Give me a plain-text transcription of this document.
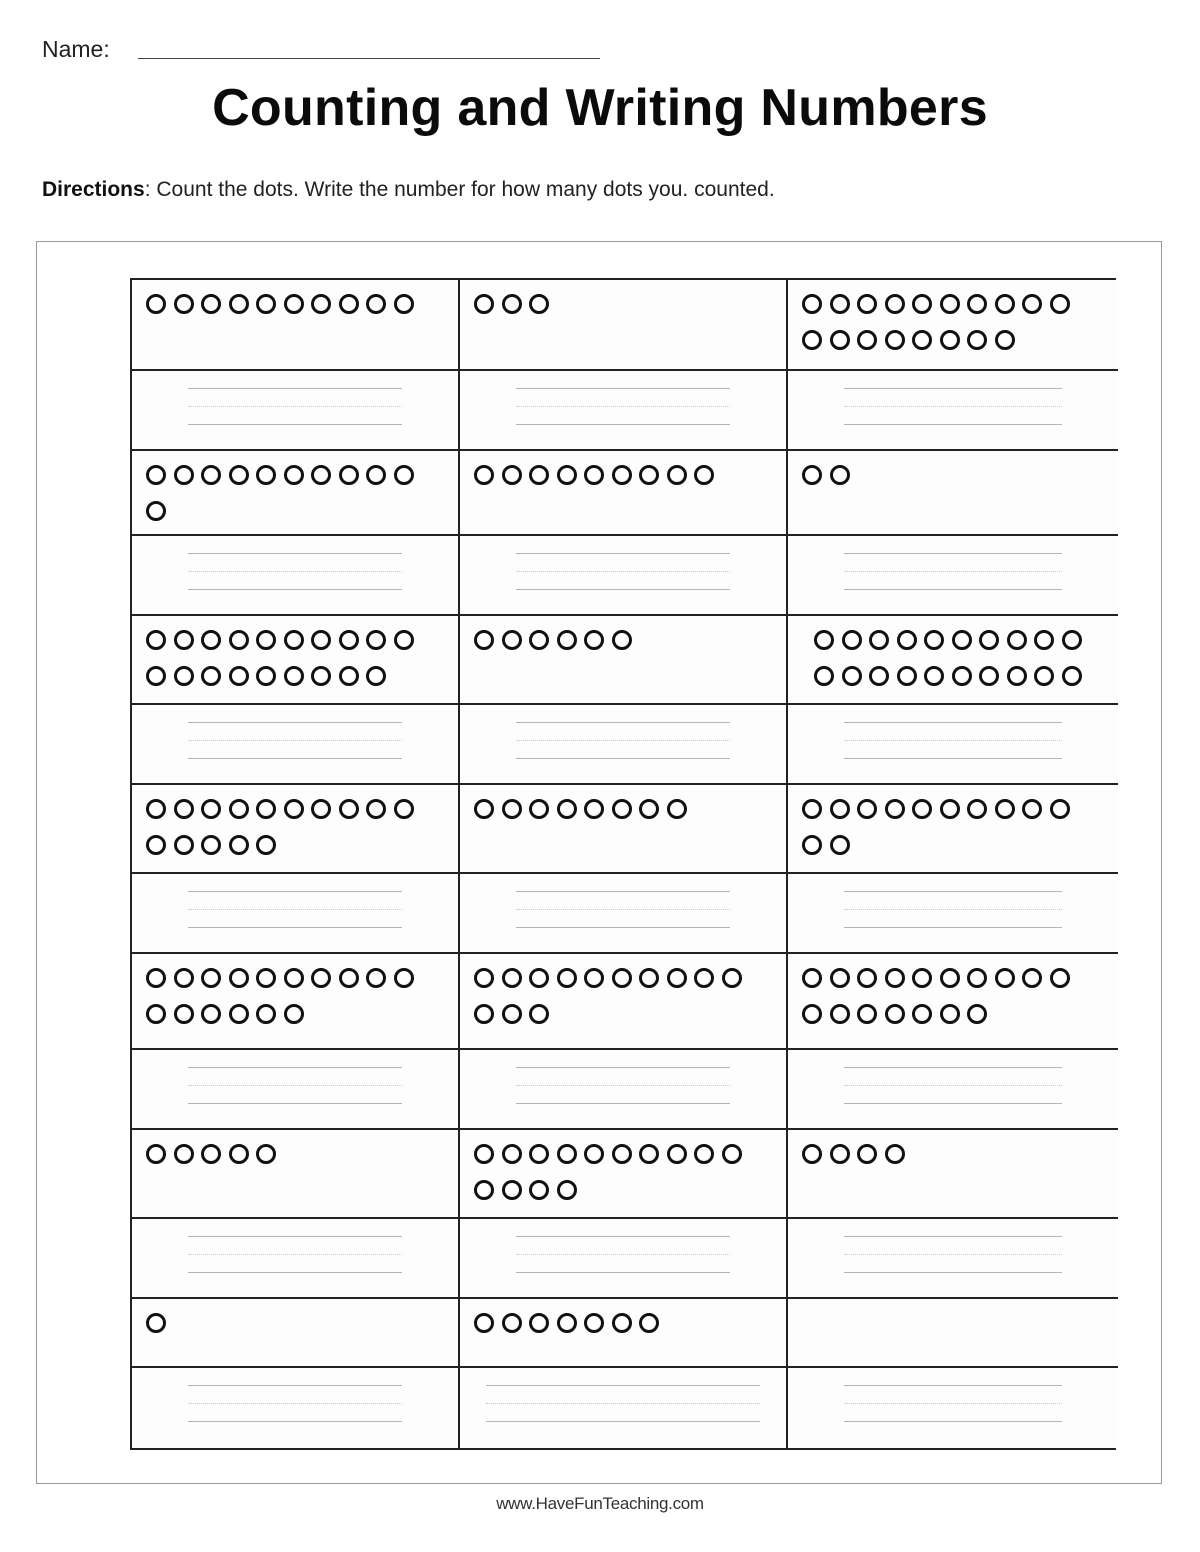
Name:
Counting and Writing Numbers
Directions: Count the dots. Write the number for how many dots you. counted.
www.HaveFunTeaching.com
